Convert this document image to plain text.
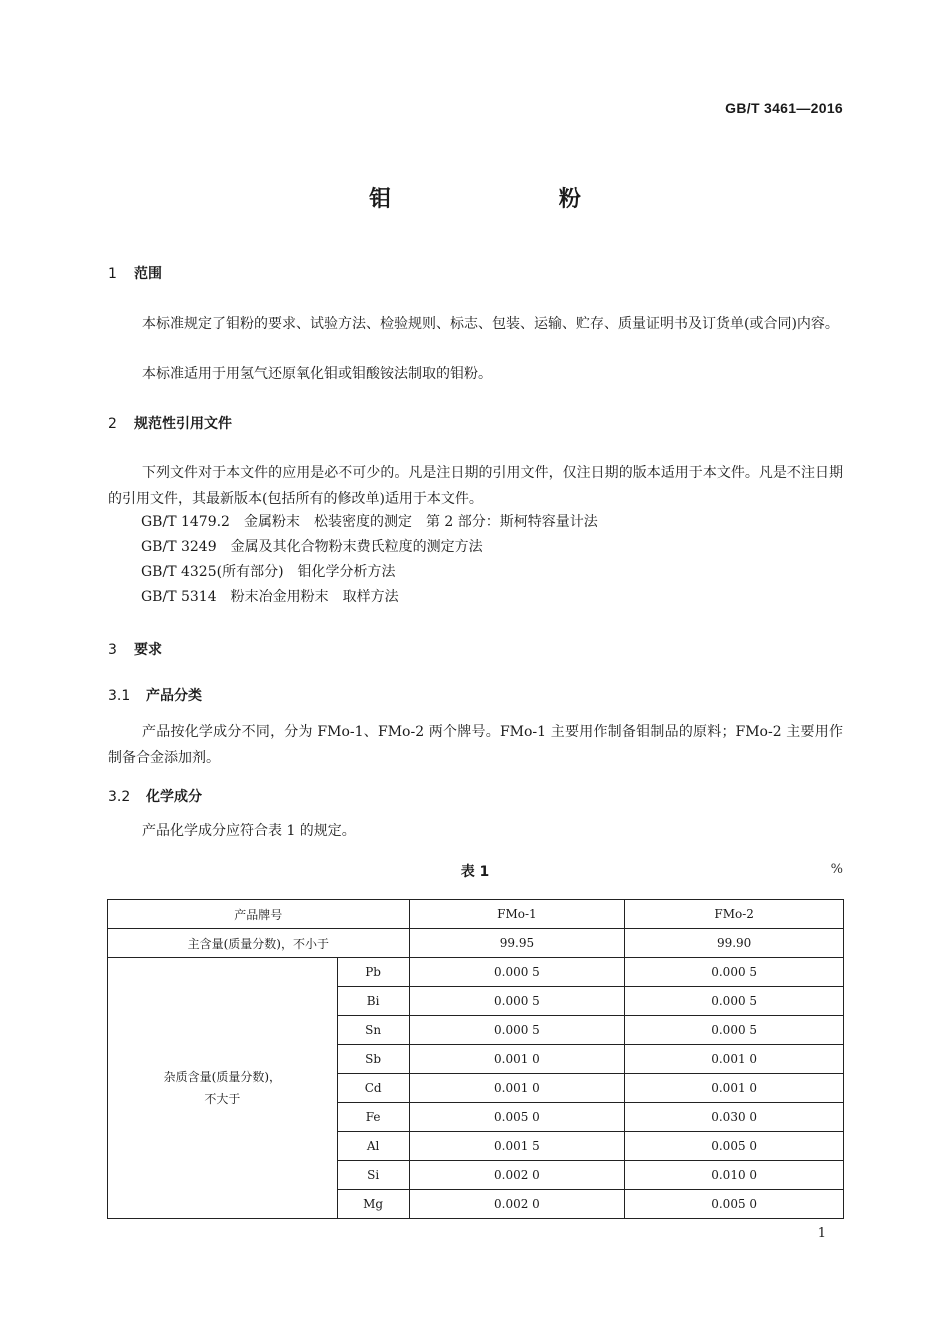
GB/T 3461—2016
钼 粉
1 范围
本标准规定了钼粉的要求、试验方法、检验规则、标志、包装、运输、贮存、质量证明书及订货单(或合同)内容。
本标准适用于用氢气还原氧化钼或钼酸铵法制取的钼粉。
2 规范性引用文件
下列文件对于本文件的应用是必不可少的。凡是注日期的引用文件，仅注日期的版本适用于本文件。凡是不注日期的引用文件，其最新版本(包括所有的修改单)适用于本文件。
GB/T 1479.2　金属粉末　松装密度的测定　第 2 部分：斯柯特容量计法
GB/T 3249　金属及其化合物粉末费氏粒度的测定方法
GB/T 4325(所有部分)　钼化学分析方法
GB/T 5314　粉末冶金用粉末　取样方法
3 要求
3.1 产品分类
产品按化学成分不同，分为 FMo-1、FMo-2 两个牌号。FMo-1 主要用作制备钼制品的原料；FMo-2 主要用作制备合金添加剂。
3.2 化学成分
产品化学成分应符合表 1 的规定。
表 1	%
产品牌号		FMo-1	FMo-2
主含量(质量分数)，不小于		99.95	99.90

杂质含量(质量分数)，
不大于	Pb	0.000 5	0.000 5
	Bi	0.000 5	0.000 5
	Sn	0.000 5	0.000 5
	Sb	0.001 0	0.001 0
	Cd	0.001 0	0.001 0
	Fe	0.005 0	0.030 0
	Al	0.001 5	0.005 0
	Si	0.002 0	0.010 0
	Mg	0.002 0	0.005 0
1
